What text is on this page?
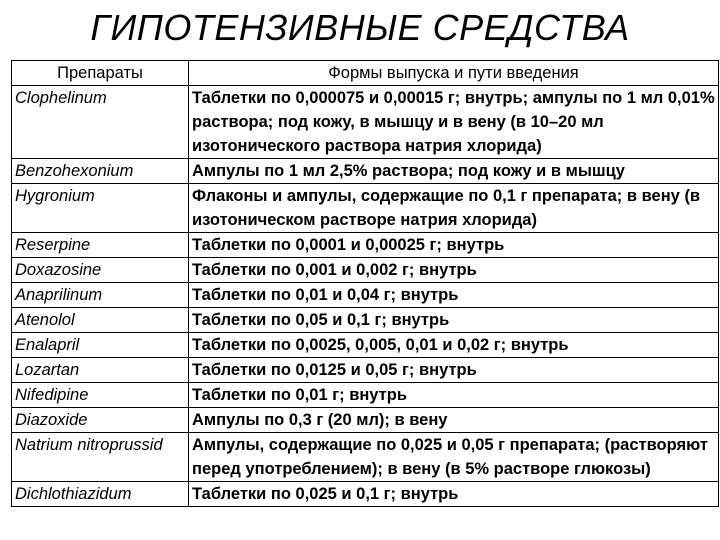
ГИПОТЕНЗИВНЫЕ СРЕДСТВА
Препараты	Формы выпуска и пути введения
Clophelinum	Таблетки по 0,000075 и 0,00015 г; внутрь; ампулы по 1 мл 0,01% раствора; под кожу, в мышцу и в вену (в 10–20 мл изотонического раствора натрия хлорида)
Benzohexonium	Ампулы по 1 мл 2,5% раствора; под кожу и в мышцу
Hygronium	Флаконы и ампулы, содержащие по 0,1 г препарата; в вену (в изотоническом растворе натрия хлорида)
Reserpine	Таблетки по 0,0001 и 0,00025 г; внутрь
Doxazosine	Таблетки по 0,001 и 0,002 г; внутрь
Anaprilinum	Таблетки по 0,01 и 0,04 г; внутрь
Atenolol	Таблетки по 0,05 и 0,1 г; внутрь
Enalapril	Таблетки по 0,0025, 0,005, 0,01 и 0,02 г; внутрь
Lozartan	Таблетки по 0,0125 и 0,05 г; внутрь
Nifedipine	Таблетки по 0,01 г; внутрь
Diazoxide	Ампулы по 0,3 г (20 мл); в вену
Natrium nitroprussid	Ампулы, содержащие по 0,025 и 0,05 г препарата; (растворяют перед употреблением); в вену (в 5% растворе глюкозы)
Dichlothiazidum	Таблетки по 0,025 и 0,1 г; внутрь
